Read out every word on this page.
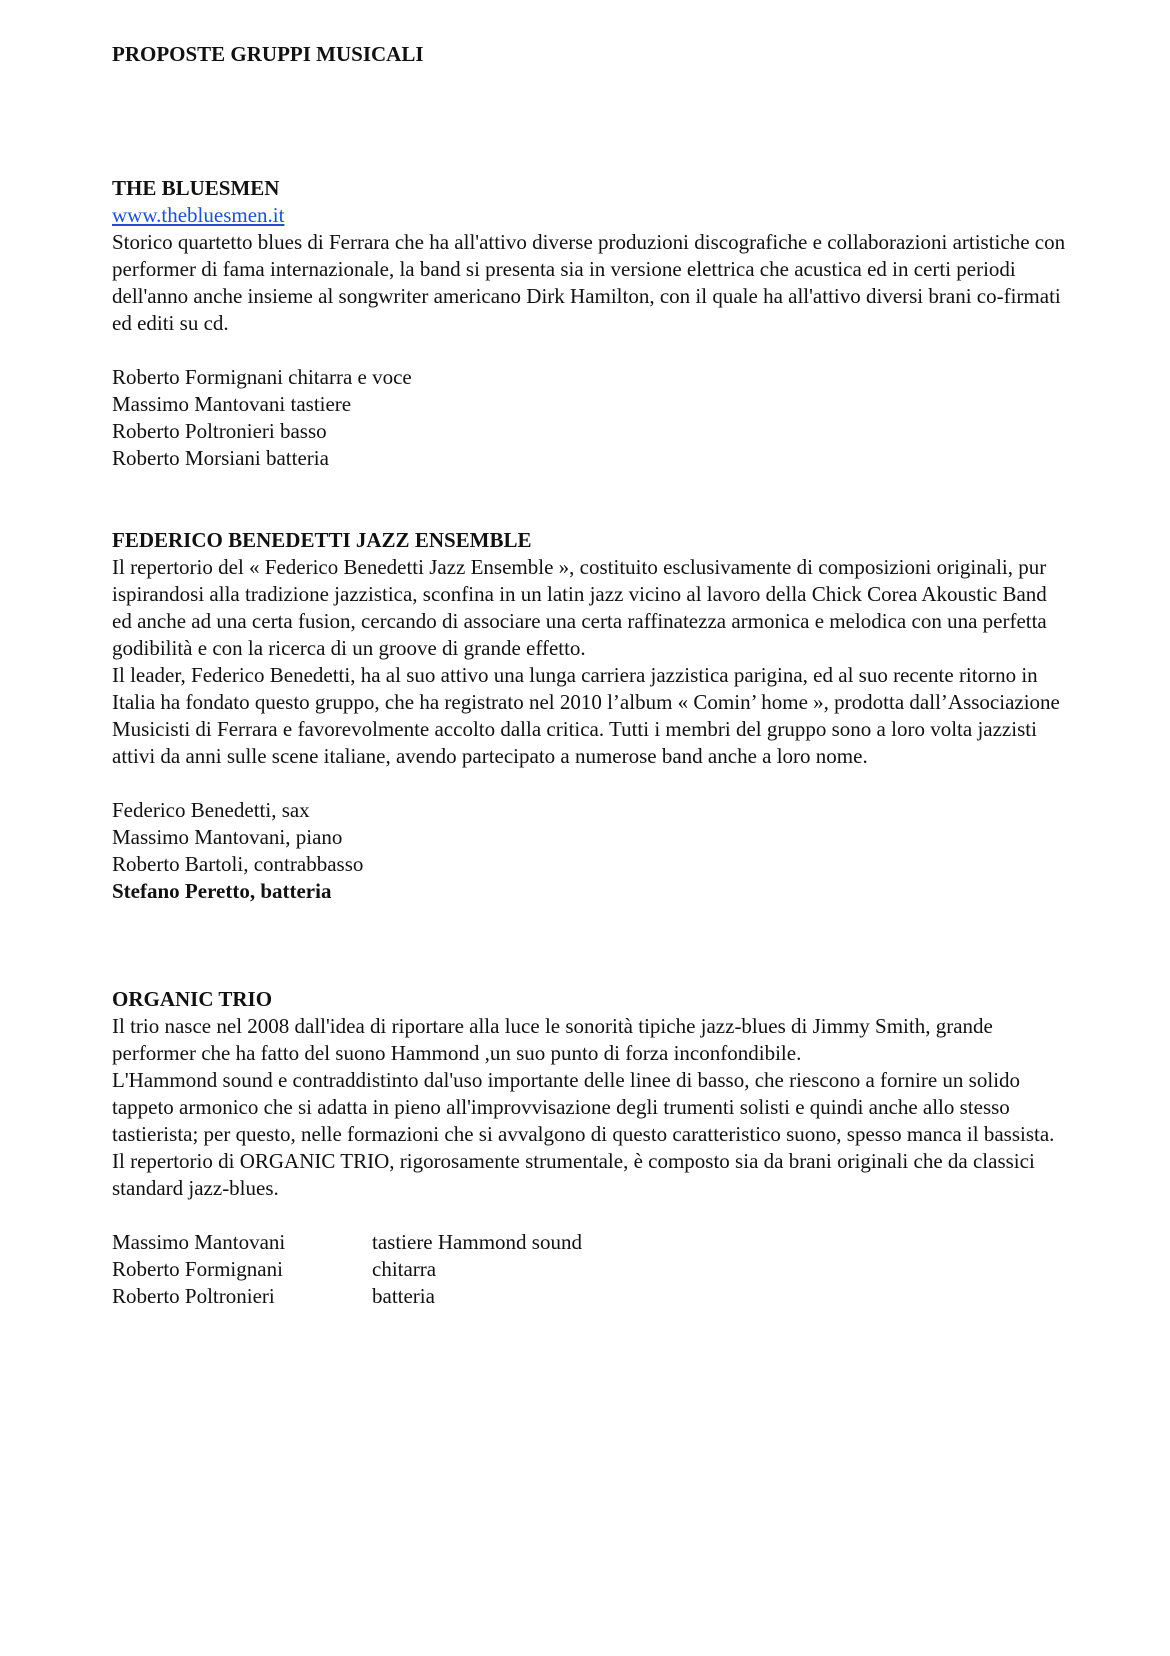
PROPOSTE GRUPPI MUSICALI
THE BLUESMEN
www.thebluesmen.it

Storico quartetto blues di Ferrara che ha all'attivo diverse produzioni discografiche e collaborazioni artistiche con performer di fama internazionale, la band si presenta sia in versione elettrica che acustica ed in certi periodi dell'anno anche insieme al songwriter americano Dirk Hamilton, con il quale ha all'attivo diversi brani co-firmati ed editi su cd.

Roberto Formignani chitarra e voce
Massimo Mantovani tastiere
Roberto Poltronieri basso
Roberto Morsiani batteria
FEDERICO BENEDETTI JAZZ ENSEMBLE

Il repertorio del « Federico Benedetti Jazz Ensemble », costituito esclusivamente di composizioni originali, pur ispirandosi alla tradizione jazzistica, sconfina in un latin jazz vicino al lavoro della Chick Corea Akoustic Band ed anche ad una certa fusion, cercando di associare una certa raffinatezza armonica e melodica con una perfetta godibilità e con la ricerca di un groove di grande effetto.

Il leader, Federico Benedetti, ha al suo attivo una lunga carriera jazzistica parigina, ed al suo recente ritorno in Italia ha fondato questo gruppo, che ha registrato nel 2010 l’album « Comin’ home », prodotta dall’Associazione Musicisti di Ferrara e favorevolmente accolto dalla critica. Tutti i membri del gruppo sono a loro volta jazzisti attivi da anni sulle scene italiane, avendo partecipato a numerose band anche a loro nome.

Federico Benedetti, sax
Massimo Mantovani, piano
Roberto Bartoli, contrabbasso
Stefano Peretto, batteria
ORGANIC TRIO

Il trio nasce nel 2008 dall'idea di riportare alla luce le sonorità tipiche jazz-blues di Jimmy Smith, grande performer che ha fatto del suono Hammond ,un suo punto di forza inconfondibile.

L'Hammond sound e contraddistinto dal'uso importante delle linee di basso, che riescono a fornire un solido tappeto armonico che si adatta in pieno all'improvvisazione degli trumenti solisti e quindi anche allo stesso tastierista; per questo, nelle formazioni che si avvalgono di questo caratteristico suono, spesso manca il bassista.

Il repertorio di ORGANIC TRIO, rigorosamente strumentale, è composto sia da brani originali che da classici standard jazz-blues.

Massimo Mantovani	tastiere Hammond sound
Roberto Formignani	chitarra
Roberto Poltronieri	batteria
